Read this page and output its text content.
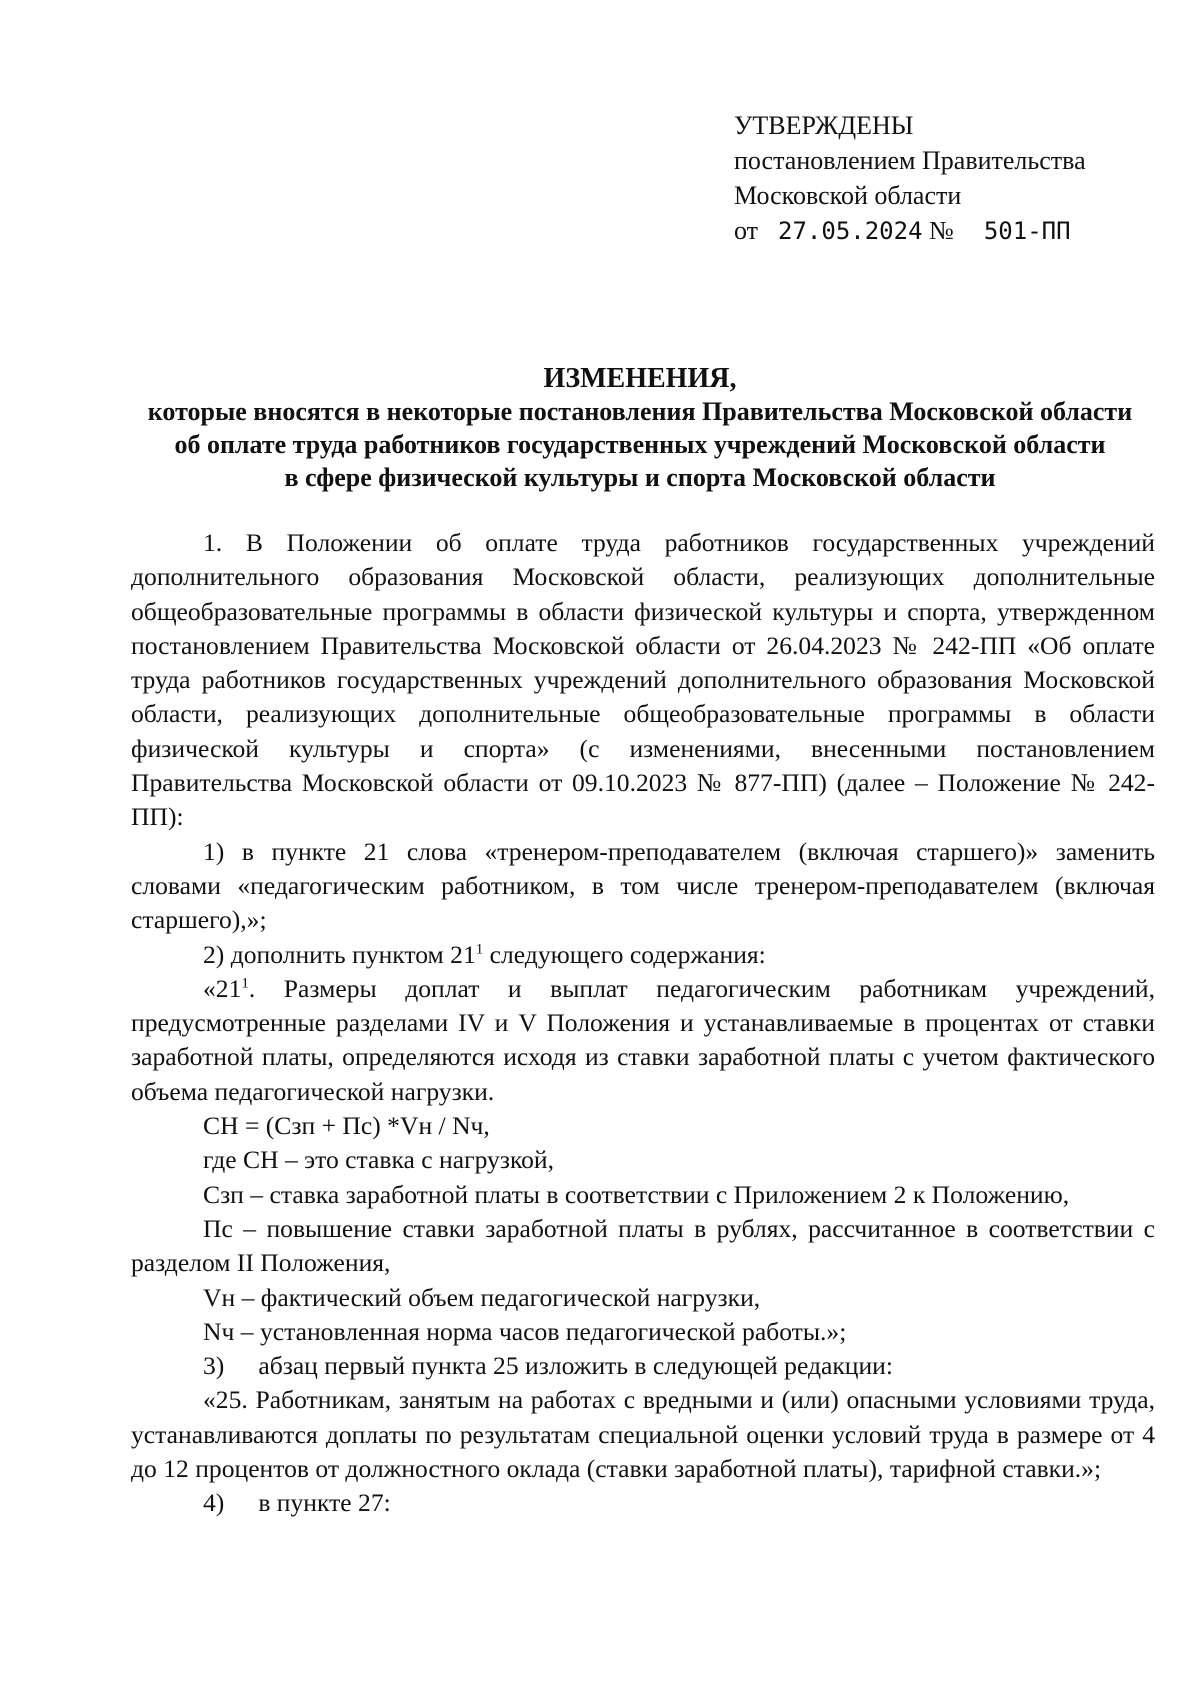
УТВЕРЖДЕНЫ
постановлением Правительства
Московской области
от 27.05.2024 № 501-ПП
ИЗМЕНЕНИЯ,
которые вносятся в некоторые постановления Правительства Московской области
об оплате труда работников государственных учреждений Московской области
в сфере физической культуры и спорта Московской области

1. В Положении об оплате труда работников государственных учреждений дополнительного образования Московской области, реализующих дополнительные общеобразовательные программы в области физической культуры и спорта, утвержденном постановлением Правительства Московской области от 26.04.2023 № 242-ПП «Об оплате труда работников государственных учреждений дополнительного образования Московской области, реализующих дополнительные общеобразовательные программы в области физической культуры и спорта» (с изменениями, внесенными постановлением Правительства Московской области от 09.10.2023 № 877-ПП) (далее – Положение № 242-ПП):

1) в пункте 21 слова «тренером-преподавателем (включая старшего)» заменить словами «педагогическим работником, в том числе тренером-преподавателем (включая старшего),»;

2) дополнить пунктом $21^1$ следующего содержания:

«$21^1$. Размеры доплат и выплат педагогическим работникам учреждений, предусмотренные разделами IV и V Положения и устанавливаемые в процентах от ставки заработной платы, определяются исходя из ставки заработной платы с учетом фактического объема педагогической нагрузки.

СН = (Сзп + Пс) *Vн / Nч,

где СН – это ставка с нагрузкой,

Сзп – ставка заработной платы в соответствии с Приложением 2 к Положению,

Пс – повышение ставки заработной платы в рублях, рассчитанное в соответствии с разделом II Положения,

Vн – фактический объем педагогической нагрузки,

Nч – установленная норма часов педагогической работы.»;

3) абзац первый пункта 25 изложить в следующей редакции:

«25. Работникам, занятым на работах с вредными и (или) опасными условиями труда, устанавливаются доплаты по результатам специальной оценки условий труда в размере от 4 до 12 процентов от должностного оклада (ставки заработной платы), тарифной ставки.»;

4) в пункте 27:
